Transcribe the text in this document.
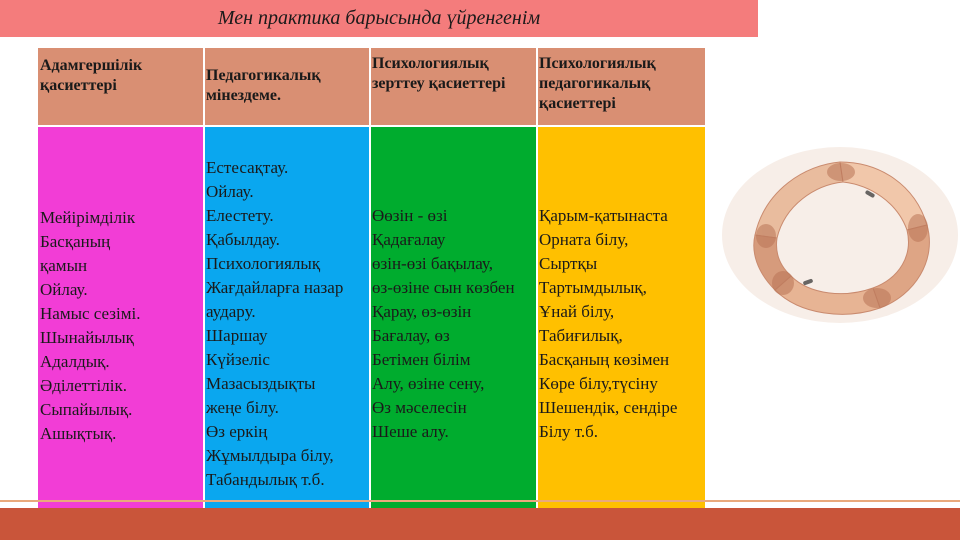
Мен практика барысында үйренгенім
Адамгершілік қасиеттері
Педагогикалық мінездеме.
Психологиялық зерттеу қасиеттері
Психологиялық педагогикалық қасиеттері
Мейірімділік
Басқаның
қамын
Ойлау.
Намыс сезімі.
Шынайылық
Адалдық.
Әділеттілік.
Сыпайылық.
Ашықтық.
Естесақтау.
Ойлау.
Елестету.
Қабылдау.
Психологиялық
Жағдайларға назар
аудару.
Шаршау
Күйзеліс
Мазасыздықты
жеңе білу.
Өз еркің
Жұмылдыра білу,
Табандылық т.б.
Өөзін - өзі
Қадағалау
өзін-өзі бақылау,
өз-өзіне сын көзбен
Қарау, өз-өзін
Бағалау, өз
Бетімен білім
Алу, өзіне сену,
Өз мәселесін
Шеше алу.
Қарым-қатынаста
Орната білу,
Сыртқы
Тартымдылық,
Ұнай білу,
Табиғилық,
Басқаның көзімен
Көре білу,түсіну
Шешендік, сендіре
Білу т.б.
